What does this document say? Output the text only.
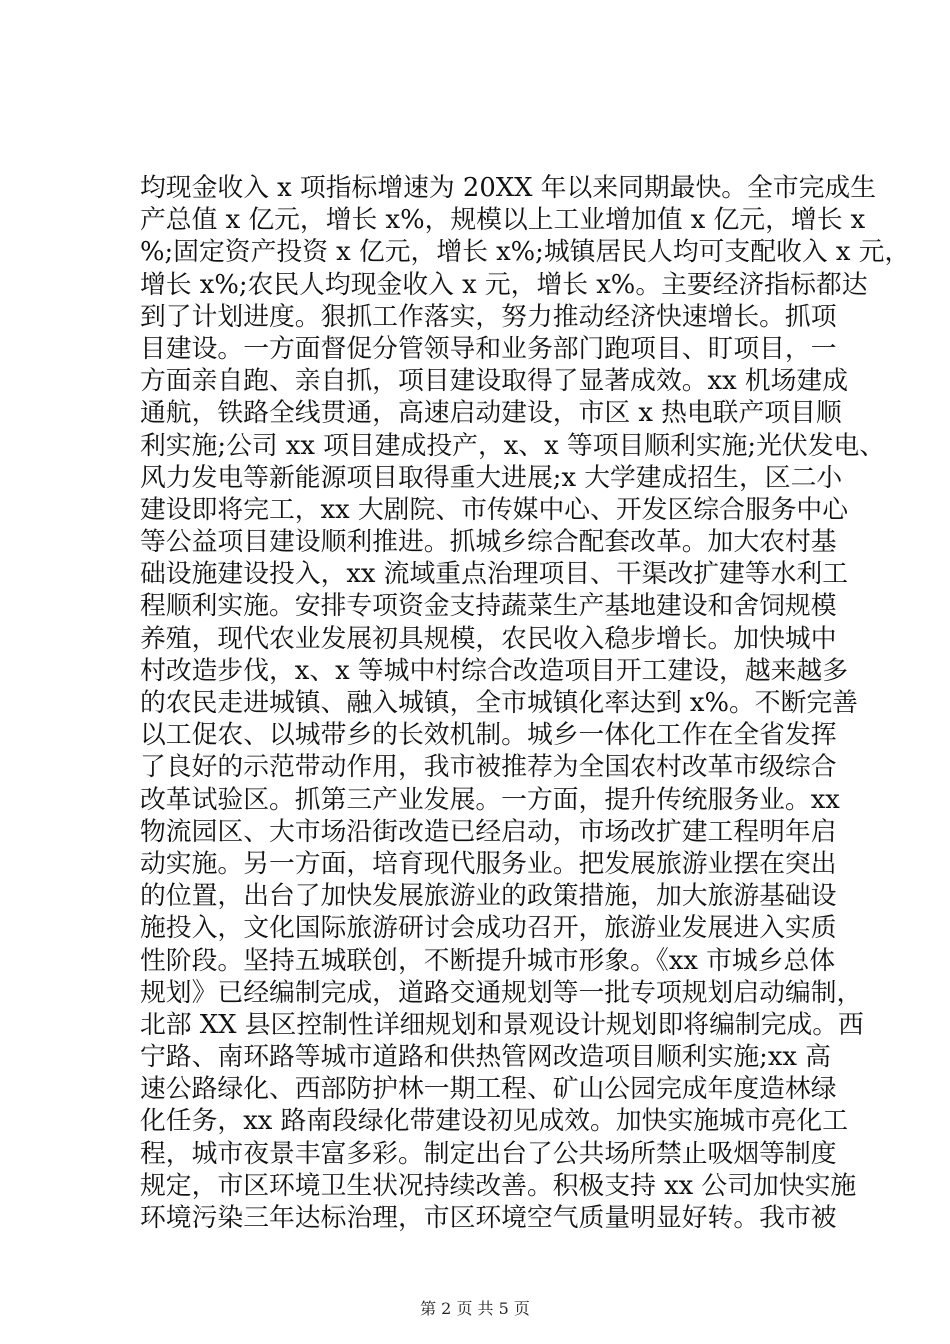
均现金收入 x 项指标增速为 20XX 年以来同期最快。全市完成生
产总值 x 亿元，增长 x%，规模以上工业增加值 x 亿元，增长 x
%;固定资产投资 x 亿元，增长 x%;城镇居民人均可支配收入 x 元，
增长 x%;农民人均现金收入 x 元，增长 x%。主要经济指标都达
到了计划进度。狠抓工作落实，努力推动经济快速增长。抓项
目建设。一方面督促分管领导和业务部门跑项目、盯项目，一
方面亲自跑、亲自抓，项目建设取得了显著成效。xx 机场建成
通航，铁路全线贯通，高速启动建设，市区 x 热电联产项目顺
利实施;公司 xx 项目建成投产，x、x 等项目顺利实施;光伏发电、
风力发电等新能源项目取得重大进展;x 大学建成招生，区二小
建设即将完工，xx 大剧院、市传媒中心、开发区综合服务中心
等公益项目建设顺利推进。抓城乡综合配套改革。加大农村基
础设施建设投入，xx 流域重点治理项目、干渠改扩建等水利工
程顺利实施。安排专项资金支持蔬菜生产基地建设和舍饲规模
养殖，现代农业发展初具规模，农民收入稳步增长。加快城中
村改造步伐，x、x 等城中村综合改造项目开工建设，越来越多
的农民走进城镇、融入城镇，全市城镇化率达到 x%。不断完善
以工促农、以城带乡的长效机制。城乡一体化工作在全省发挥
了良好的示范带动作用，我市被推荐为全国农村改革市级综合
改革试验区。抓第三产业发展。一方面，提升传统服务业。xx
物流园区、大市场沿街改造已经启动，市场改扩建工程明年启
动实施。另一方面，培育现代服务业。把发展旅游业摆在突出
的位置，出台了加快发展旅游业的政策措施，加大旅游基础设
施投入，文化国际旅游研讨会成功召开，旅游业发展进入实质
性阶段。坚持五城联创，不断提升城市形象。《xx 市城乡总体
规划》已经编制完成，道路交通规划等一批专项规划启动编制，
北部 XX 县区控制性详细规划和景观设计规划即将编制完成。西
宁路、南环路等城市道路和供热管网改造项目顺利实施;xx 高
速公路绿化、西部防护林一期工程、矿山公园完成年度造林绿
化任务，xx 路南段绿化带建设初见成效。加快实施城市亮化工
程，城市夜景丰富多彩。制定出台了公共场所禁止吸烟等制度
规定，市区环境卫生状况持续改善。积极支持 xx 公司加快实施
环境污染三年达标治理，市区环境空气质量明显好转。我市被
第 2 页 共 5 页
